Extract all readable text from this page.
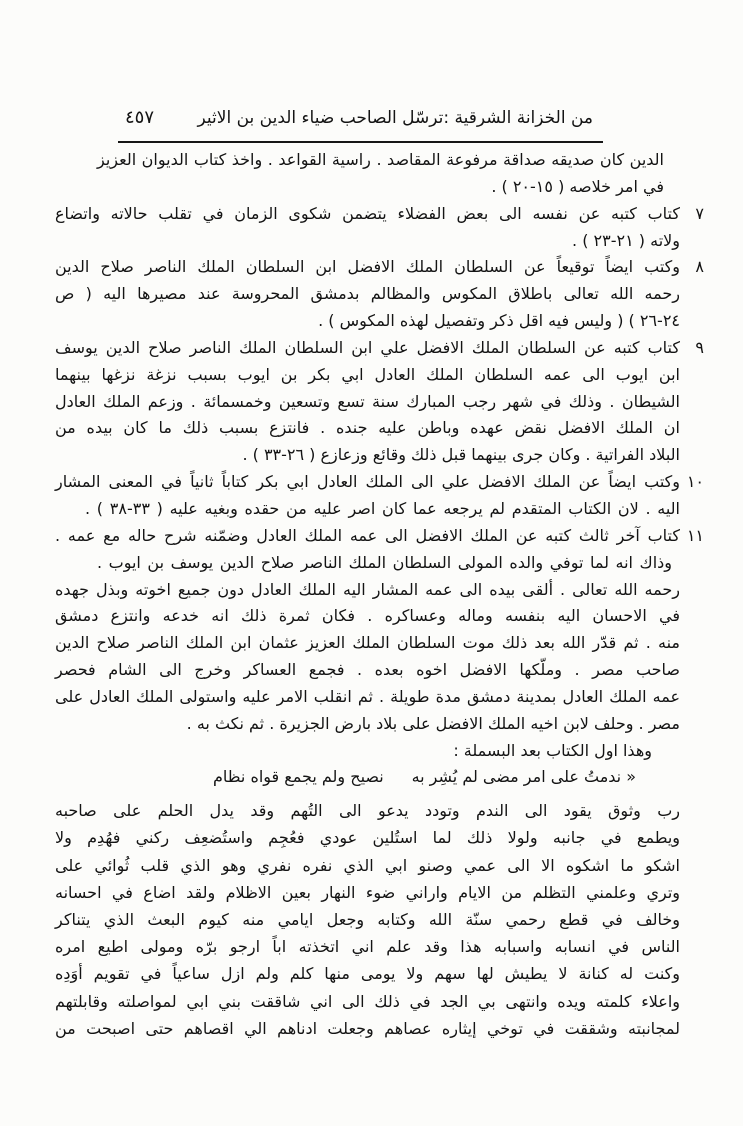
من الخزانة الشرقية :ترسّل الصاحب ضياء الدين بن الاثير
٤٥٧
الدين كان صديقه صداقة مرفوعة المقاصد . راسية القواعد . واخذ كتاب الديوان العزيز
في امر خلاصه ( ١٥-٢٠ ) .
٧
كتاب كتبه عن نفسه الى بعض الفضلاء يتضمن شكوى الزمان في تقلب حالاته واتضاع
ولاته ( ٢١-٢٣ ) .
٨
وكتب ايضاً توقيعاً عن السلطان الملك الافضل ابن السلطان الملك الناصر صلاح الدين
رحمه الله تعالى باطلاق المكوس والمظالم بدمشق المحروسة عند مصيرها اليه ( ص
٢٤-٢٦ ) ( وليس فيه اقل ذكر وتفصيل لهذه المكوس ) .
٩
كتاب كتبه عن السلطان الملك الافضل علي ابن السلطان الملك الناصر صلاح الدين يوسف
ابن ايوب الى عمه السلطان الملك العادل ابي بكر بن ايوب بسبب نزغة نزغها بينهما
الشيطان . وذلك في شهر رجب المبارك سنة تسع وتسعين وخمسمائة . وزعم الملك العادل
ان الملك الافضل نقض عهده وباطن عليه جنده . فانتزع بسبب ذلك ما كان بيده من
البلاد الفراتية . وكان جرى بينهما قبل ذلك وقائع وزعازع ( ٢٦-٣٣ ) .
١٠
وكتب ايضاً عن الملك الافضل علي الى الملك العادل ابي بكر كتاباً ثانياً في المعنى المشار
اليه . لان الكتاب المتقدم لم يرجعه عما كان اصر عليه من حقده وبغيه عليه ( ٣٣-٣٨ ) .
١١
كتاب آخر ثالث كتبه عن الملك الافضل الى عمه الملك العادل وضمّنه شرح حاله مع عمه .
وذاك انه لما توفي والده المولى السلطان الملك الناصر صلاح الدين يوسف بن ايوب .
رحمه الله تعالى . ألقى بيده الى عمه المشار اليه الملك العادل دون جميع اخوته وبذل جهده
في الاحسان اليه بنفسه وماله وعساكره . فكان ثمرة ذلك انه خدعه وانتزع دمشق
منه . ثم قدّر الله بعد ذلك موت السلطان الملك العزيز عثمان ابن الملك الناصر صلاح الدين
صاحب مصر . وملّكها الافضل اخوه بعده . فجمع العساكر وخرج الى الشام فحصر
عمه الملك العادل بمدينة دمشق مدة طويلة . ثم انقلب الامر عليه واستولى الملك العادل على
مصر . وحلف لابن اخيه الملك الافضل على بلاد بارض الجزيرة . ثم نكث به .
وهذا اول الكتاب بعد البسملة :
« ندمتُ على امر مضى لم يُشِر به
نصيح ولم يجمع قواه نظام
رب وثوق يقود الى الندم وتودد يدعو الى التُهم وقد يدل الحلم على صاحبه
ويطمع في جانبه ولولا ذلك لما استُلين عودي فعُجِم واستُضعِف ركني فهُدِم ولا
اشكو ما اشكوه الا الى عمي وصنو ابي الذي نفره نفري وهو الذي قلب ثُوائي على
وتري وعلمني التظلم من الايام واراني ضوء النهار بعين الاظلام ولقد اضاع في احسانه
وخالف في قطع رحمي سنّة الله وكتابه وجعل ايامي منه كيوم البعث الذي يتناكر
الناس في انسابه واسبابه هذا وقد علم اني اتخذته اباً ارجو برّه ومولى اطيع امره
وكنت له كنانة لا يطيش لها سهم ولا يومى منها كلم ولم ازل ساعياً في تقويم أوَدِه
واعلاء كلمته ويده وانتهى بي الجد في ذلك الى اني شاققت بني ابي لمواصلته وقابلتهم
لمجانبته وشققت في توخي إيثاره عصاهم وجعلت ادناهم الي اقصاهم حتى اصبحت من
